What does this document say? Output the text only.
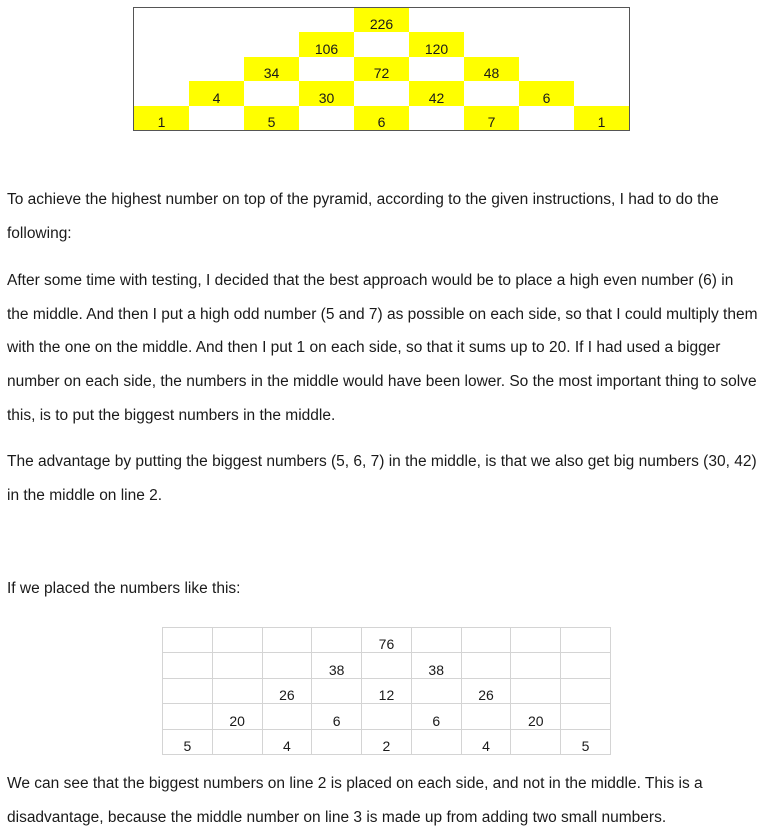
				226				
			106		120			
		34		72		48		
	4		30		42		6	
1		5		6		7		1

To achieve the highest number on top of the pyramid, according to the given instructions, I had to do the following:

After some time with testing, I decided that the best approach would be to place a high even number (6) in the middle. And then I put a high odd number (5 and 7) as possible on each side, so that I could multiply them with the one on the middle. And then I put 1 on each side, so that it sums up to 20. If I had used a bigger number on each side, the numbers in the middle would have been lower. So the most important thing to solve this, is to put the biggest numbers in the middle.

The advantage by putting the biggest numbers (5, 6, 7) in the middle, is that we also get big numbers (30, 42) in the middle on line 2.

If we placed the numbers like this:

				76				
			38		38			
		26		12		26		
	20		6		6		20	
5		4		2		4		5

We can see that the biggest numbers on line 2 is placed on each side, and not in the middle. This is a disadvantage, because the middle number on line 3 is made up from adding two small numbers.
